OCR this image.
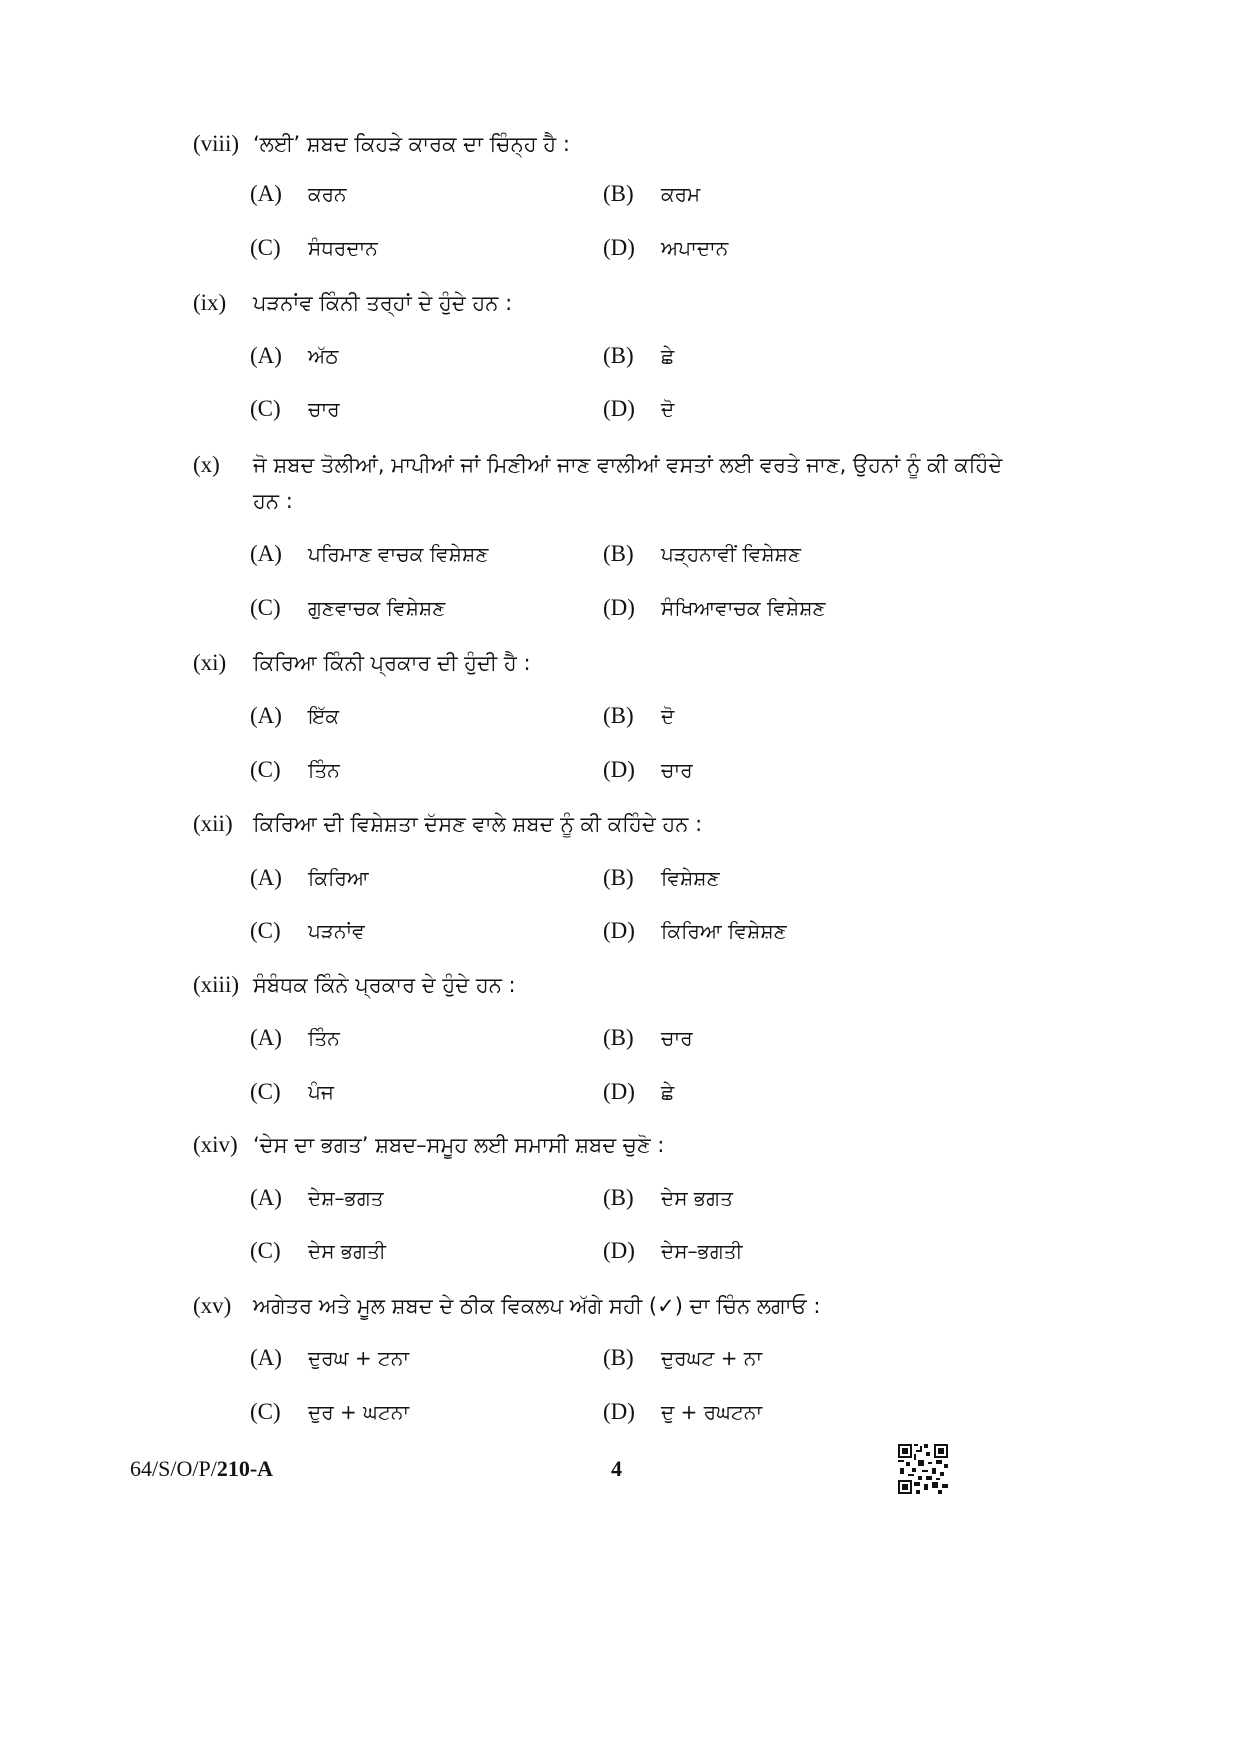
(viii) ‘ਲਈ’ ਸ਼ਬਦ ਕਿਹੜੇ ਕਾਰਕ ਦਾ ਚਿੰਨ੍ਹ ਹੈ :
(A) ਕਰਨ	(B) ਕਰਮ
(C) ਸੰਧਰਦਾਨ	(D) ਅਪਾਦਾਨ
(ix) ਪੜਨਾਂਵ ਕਿੰਨੀ ਤਰ੍ਹਾਂ ਦੇ ਹੁੰਦੇ ਹਨ :
(A) ਅੱਠ	(B) ਛੇ
(C) ਚਾਰ	(D) ਦੋ
(x) ਜੋ ਸ਼ਬਦ ਤੋਲੀਆਂ, ਮਾਪੀਆਂ ਜਾਂ ਮਿਣੀਆਂ ਜਾਣ ਵਾਲੀਆਂ ਵਸਤਾਂ ਲਈ ਵਰਤੇ ਜਾਣ, ਉਹਨਾਂ ਨੂੰ ਕੀ ਕਹਿੰਦੇ
ਹਨ :
(A) ਪਰਿਮਾਣ ਵਾਚਕ ਵਿਸ਼ੇਸ਼ਣ	(B) ਪੜ੍ਹਨਾਵੀਂ ਵਿਸ਼ੇਸ਼ਣ
(C) ਗੁਣਵਾਚਕ ਵਿਸ਼ੇਸ਼ਣ	(D) ਸੰਖਿਆਵਾਚਕ ਵਿਸ਼ੇਸ਼ਣ
(xi) ਕਿਰਿਆ ਕਿੰਨੀ ਪ੍ਰਕਾਰ ਦੀ ਹੁੰਦੀ ਹੈ :
(A) ਇੱਕ	(B) ਦੋ
(C) ਤਿੰਨ	(D) ਚਾਰ
(xii) ਕਿਰਿਆ ਦੀ ਵਿਸ਼ੇਸ਼ਤਾ ਦੱਸਣ ਵਾਲੇ ਸ਼ਬਦ ਨੂੰ ਕੀ ਕਹਿੰਦੇ ਹਨ :
(A) ਕਿਰਿਆ	(B) ਵਿਸ਼ੇਸ਼ਣ
(C) ਪੜਨਾਂਵ	(D) ਕਿਰਿਆ ਵਿਸ਼ੇਸ਼ਣ
(xiii) ਸੰਬੰਧਕ ਕਿੰਨੇ ਪ੍ਰਕਾਰ ਦੇ ਹੁੰਦੇ ਹਨ :
(A) ਤਿੰਨ	(B) ਚਾਰ
(C) ਪੰਜ	(D) ਛੇ
(xiv) ‘ਦੇਸ ਦਾ ਭਗਤ’ ਸ਼ਬਦ–ਸਮੂਹ ਲਈ ਸਮਾਸੀ ਸ਼ਬਦ ਚੁਣੋ :
(A) ਦੇਸ਼–ਭਗਤ	(B) ਦੇਸ ਭਗਤ
(C) ਦੇਸ ਭਗਤੀ	(D) ਦੇਸ–ਭਗਤੀ
(xv) ਅਗੇਤਰ ਅਤੇ ਮੂਲ ਸ਼ਬਦ ਦੇ ਠੀਕ ਵਿਕਲਪ ਅੱਗੇ ਸਹੀ (✓) ਦਾ ਚਿੰਨ ਲਗਾਓ :
(A) ਦੁਰਘ + ਟਨਾ	(B) ਦੁਰਘਟ + ਨਾ
(C) ਦੁਰ + ਘਟਨਾ	(D) ਦੁ + ਰਘਟਨਾ
64/S/O/P/210-A	4
